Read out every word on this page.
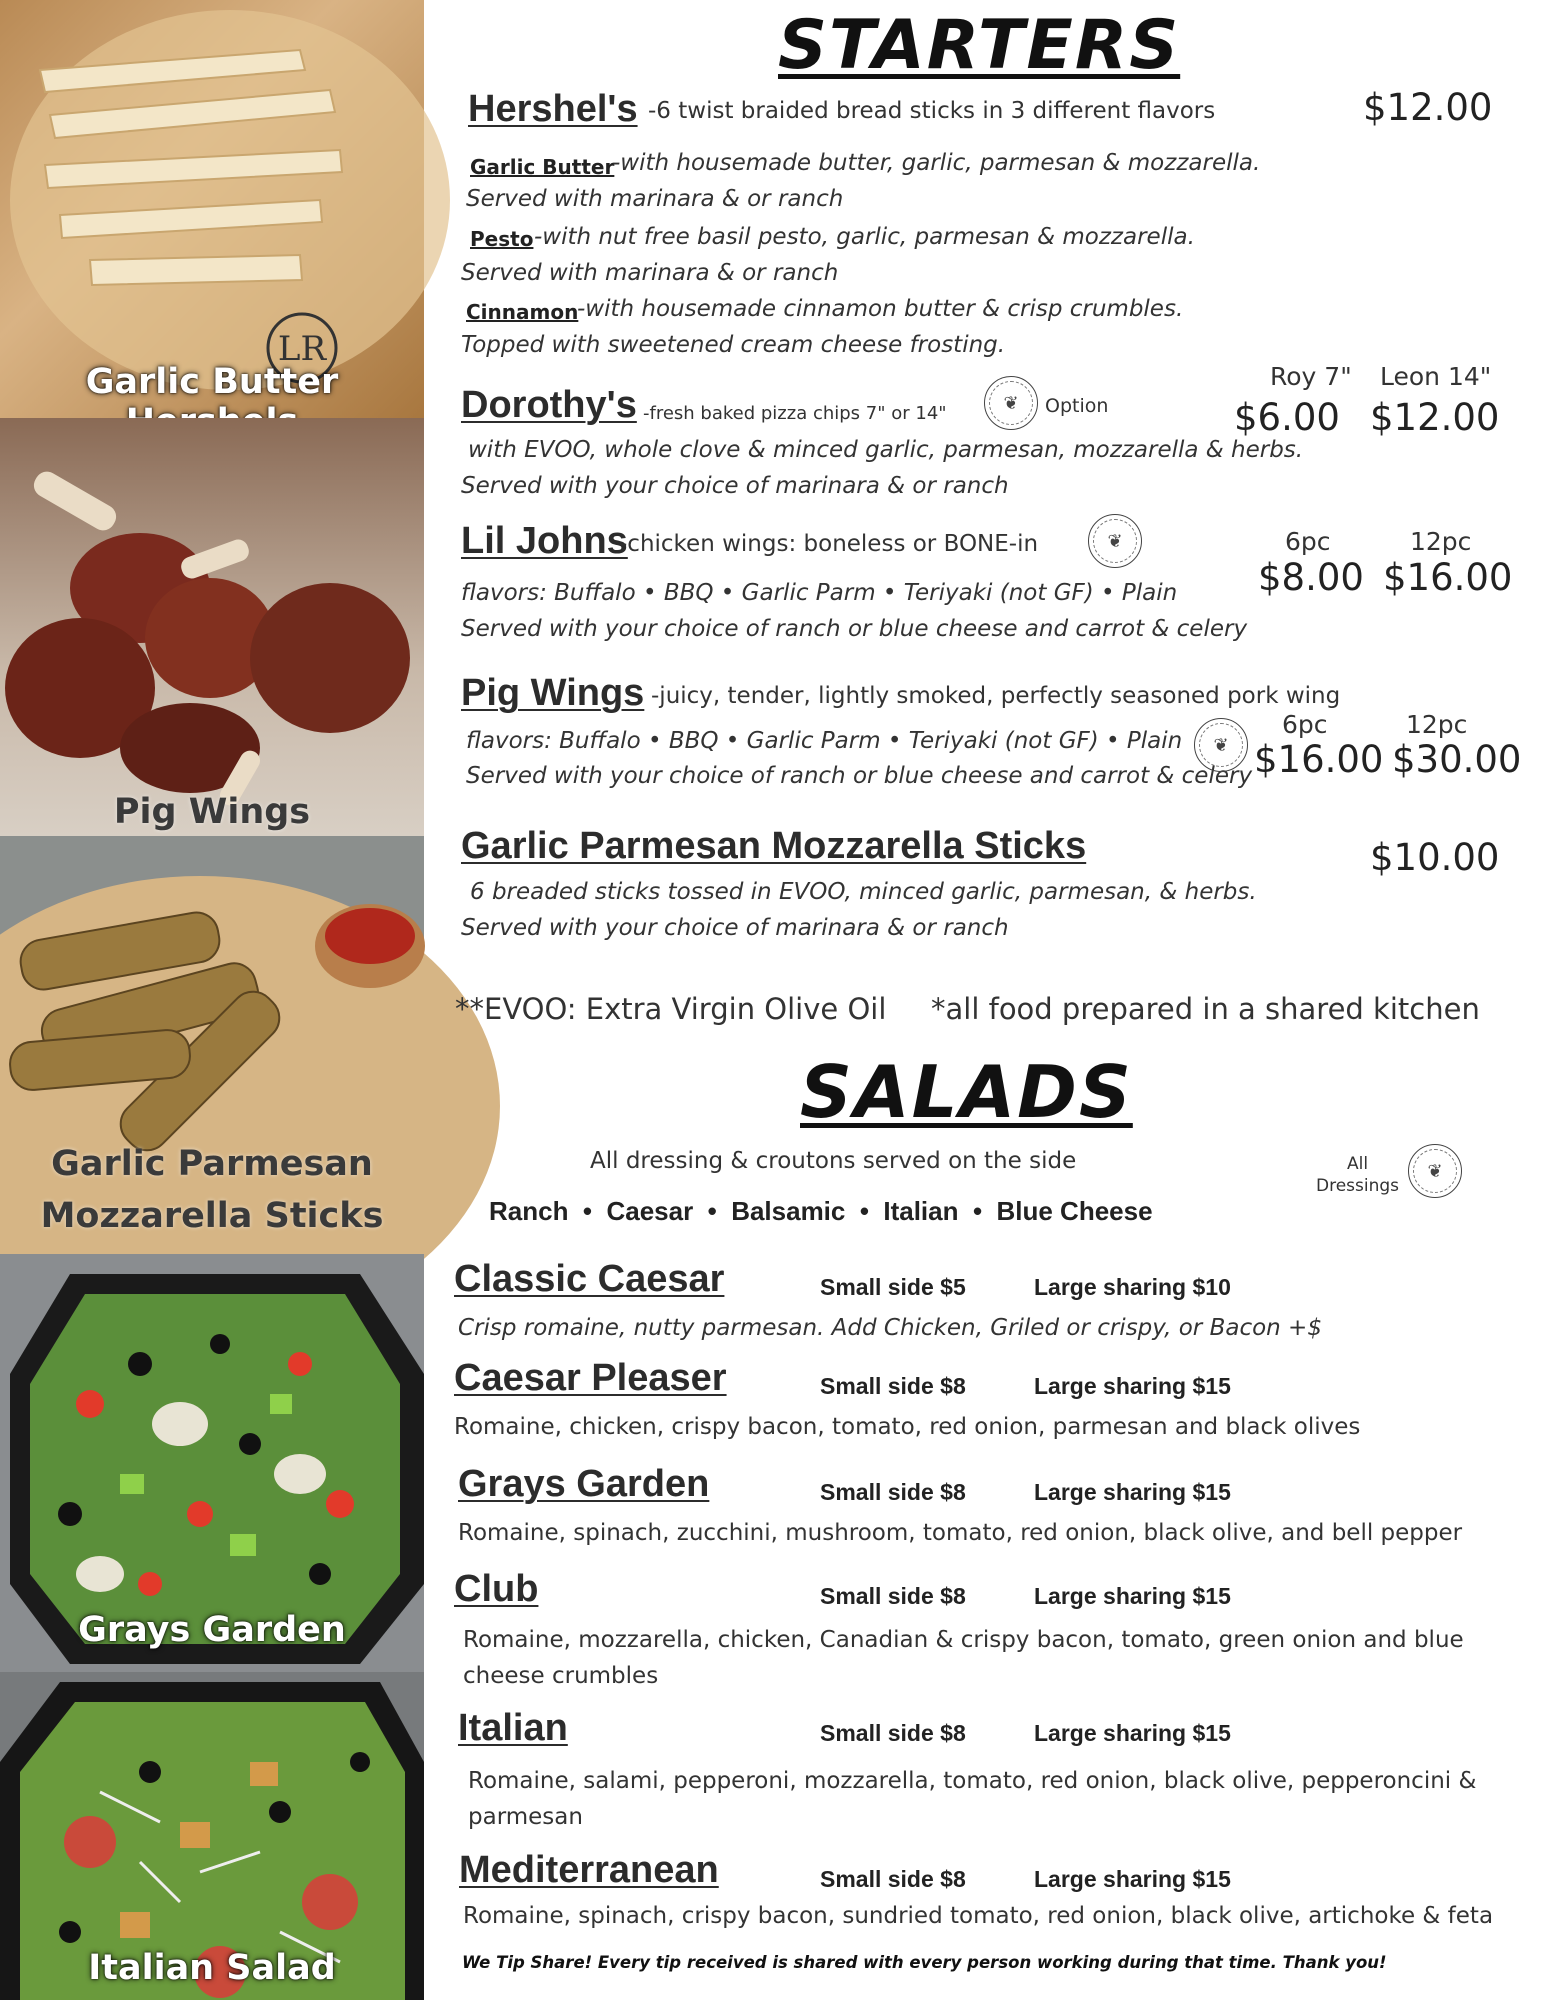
LR
Garlic Butter
Pig Wings
Garlic Parmesan
Mozzarella Sticks
Grays Garden
Italian Salad
STARTERS
Hershel's -6 twist braided bread sticks in 3 different flavors	$12.00
Garlic Butter
-with housemade butter, garlic, parmesan & mozzarella.
Served with marinara & or ranch
Pesto -with nut free basil pesto, garlic, parmesan & mozzarella.
Served with marinara & or ranch
Cinnamon
-with housemade cinnamon butter & crisp crumbles.
Topped with sweetened cream cheese frosting.
Dorothy's -fresh baked pizza chips 7" or 14"
❦ Option
Roy 7" Leon 14"
$6.00 $12.00
with EVOO, whole clove & minced garlic, parmesan, mozzarella & herbs.
Served with your choice of marinara & or ranch
Lil Johns
-chicken wings: boneless or BONE-in	❦	6pc	12pc
$8.00 $16.00
flavors: Buffalo • BBQ • Garlic Parm • Teriyaki (not GF) • Plain
Served with your choice of ranch or blue cheese and carrot & celery
Pig Wings -juicy, tender, lightly smoked, perfectly seasoned pork wing
flavors: Buffalo • BBQ • Garlic Parm • Teriyaki (not GF) • Plain
Served with your choice of ranch or blue cheese and carrot & celery
❦
6pc	12pc
$16.00 $30.00
Garlic Parmesan Mozzarella Sticks	$10.00
6 breaded sticks tossed in EVOO, minced garlic, parmesan, & herbs.
Served with your choice of marinara & or ranch
**EVOO: Extra Virgin Olive Oil *all food prepared in a shared kitchen
SALADS
All dressing & croutons served on the side
Ranch  •  Caesar  •  Balsamic  •  Italian  •  Blue Cheese
All
Dressings
❦
Classic Caesar	Small side $5	Large sharing $10
Crisp romaine, nutty parmesan. Add Chicken, Griled or crispy, or Bacon +$
Caesar Pleaser	Small side $8	Large sharing $15
Romaine, chicken, crispy bacon, tomato, red onion, parmesan and black olives
Grays Garden	Small side $8	Large sharing $15
Romaine, spinach, zucchini, mushroom, tomato, red onion, black olive, and bell pepper
Club	Small side $8	Large sharing $15
Romaine, mozzarella, chicken, Canadian & crispy bacon, tomato, green onion and blue
cheese crumbles
Italian	Small side $8	Large sharing $15
Romaine, salami, pepperoni, mozzarella, tomato, red onion, black olive, pepperoncini &
parmesan
Mediterranean	Small side $8	Large sharing $15
Romaine, spinach, crispy bacon, sundried tomato, red onion, black olive, artichoke & feta
We Tip Share! Every tip received is shared with every person working during that time. Thank you!
